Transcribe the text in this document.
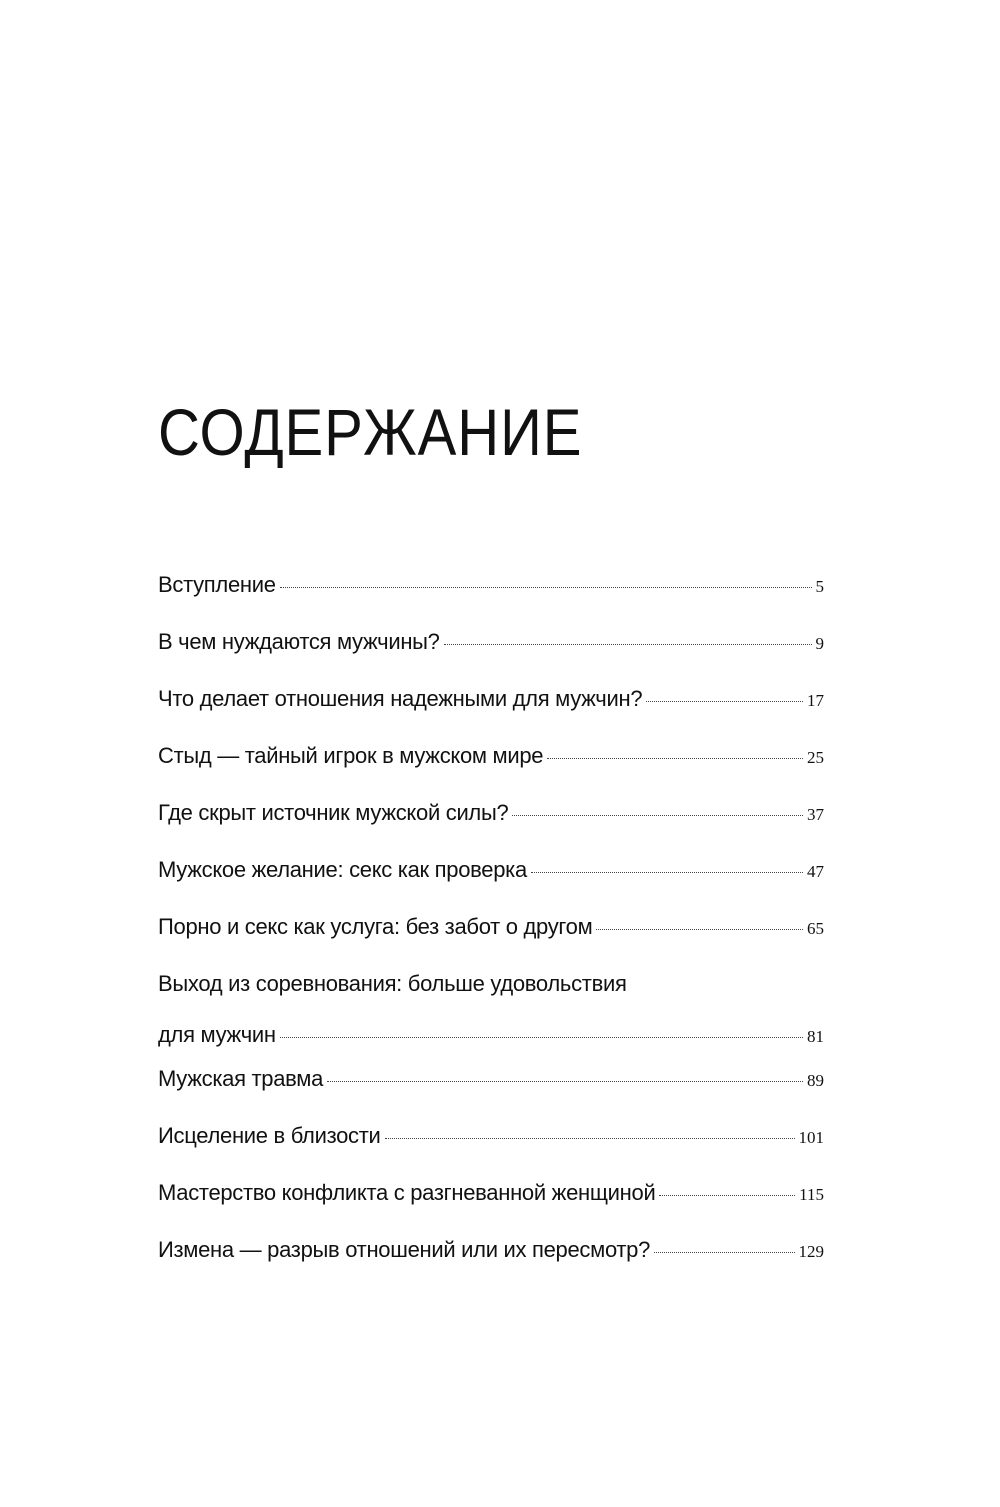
СОДЕРЖАНИЕ
Вступление	5
В чем нуждаются мужчины?	9
Что делает отношения надежными для мужчин?	17
Стыд — тайный игрок в мужском мире	25
Где скрыт источник мужской силы?	37
Мужское желание: секс как проверка	47
Порно и секс как услуга: без забот о другом	65
Выход из соревнования: больше удовольствия
для мужчин	81
Мужская травма	89
Исцеление в близости	101
Мастерство конфликта с разгневанной женщиной	115
Измена — разрыв отношений или их пересмотр?	129
